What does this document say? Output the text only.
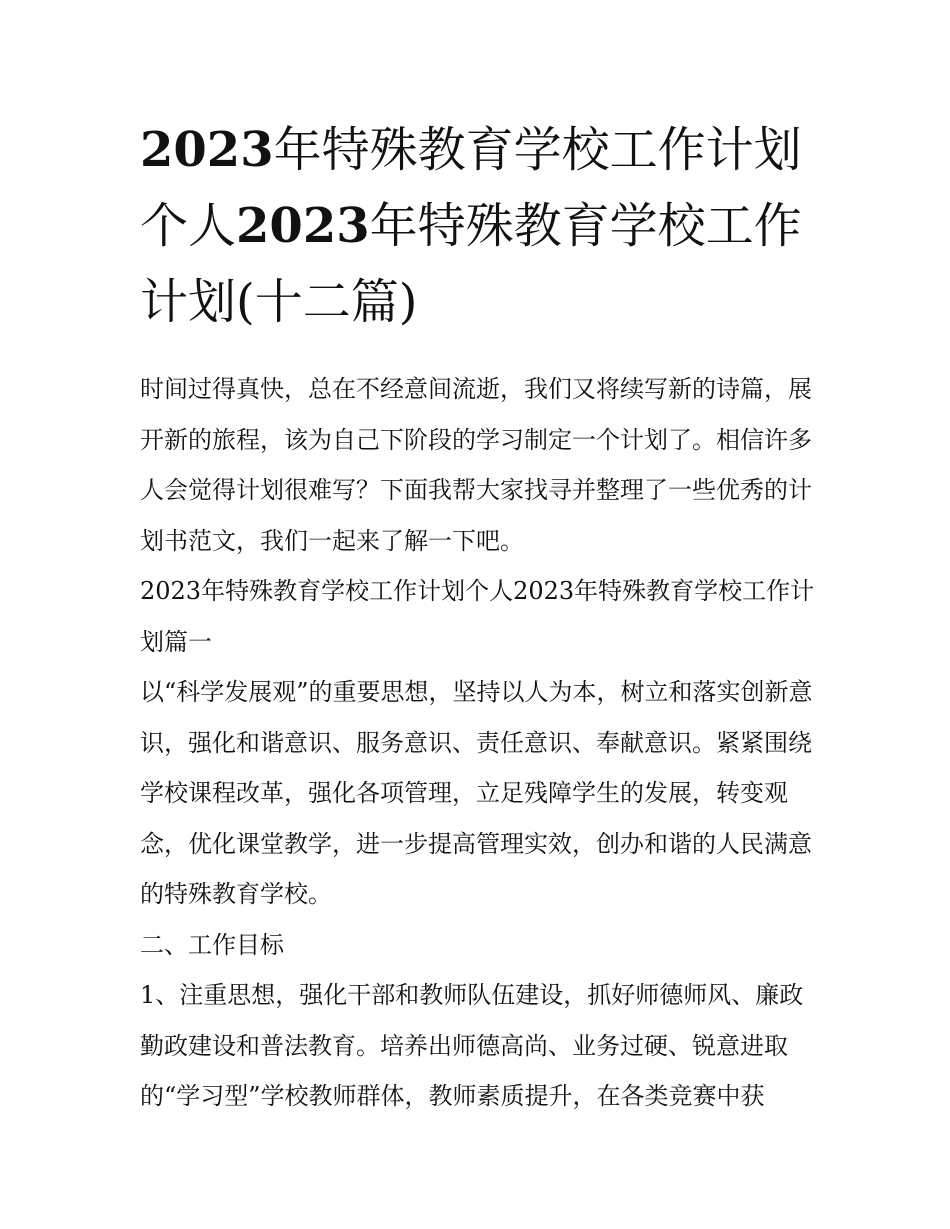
2023年特殊教育学校工作计划个人2023年特殊教育学校工作计划(十二篇)

时间过得真快，总在不经意间流逝，我们又将续写新的诗篇，展开新的旅程，该为自己下阶段的学习制定一个计划了。相信许多人会觉得计划很难写？下面我帮大家找寻并整理了一些优秀的计划书范文，我们一起来了解一下吧。

2023年特殊教育学校工作计划个人2023年特殊教育学校工作计划篇一

以“科学发展观”的重要思想，坚持以人为本，树立和落实创新意识，强化和谐意识、服务意识、责任意识、奉献意识。紧紧围绕学校课程改革，强化各项管理，立足残障学生的发展，转变观念，优化课堂教学，进一步提高管理实效，创办和谐的人民满意的特殊教育学校。

二、工作目标

1、注重思想，强化干部和教师队伍建设，抓好师德师风、廉政勤政建设和普法教育。培养出师德高尚、业务过硬、锐意进取的“学习型”学校教师群体，教师素质提升，在各类竞赛中获
